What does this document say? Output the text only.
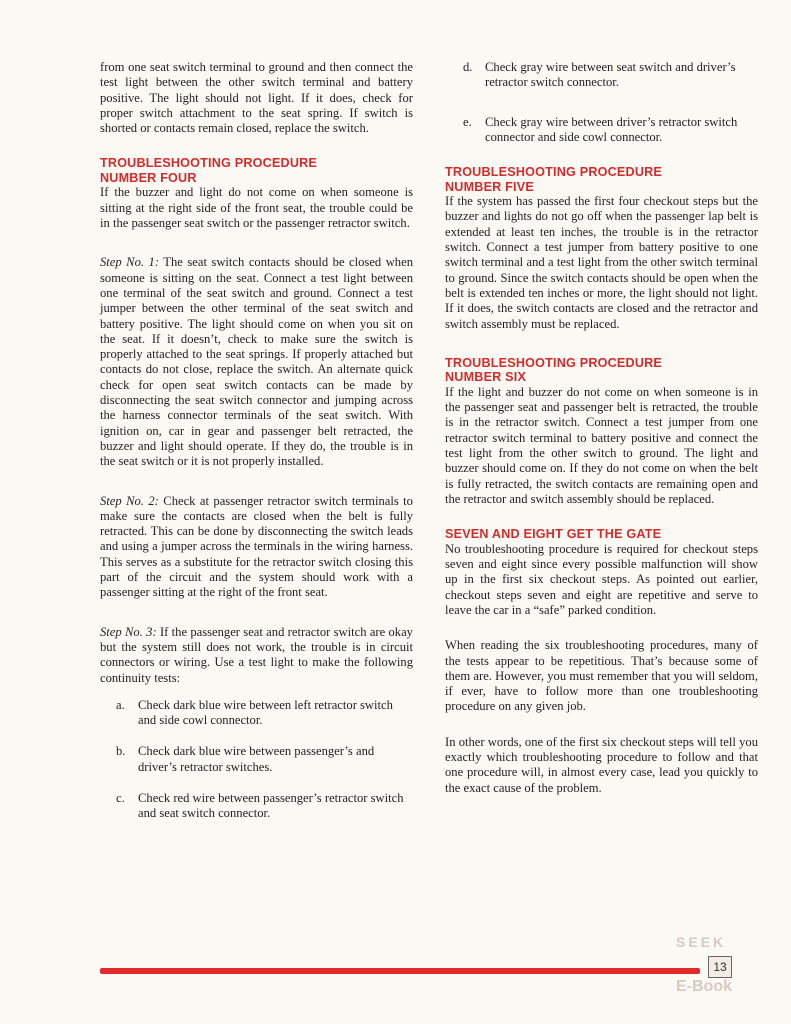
from one seat switch terminal to ground and then connect the test light between the other switch terminal and battery positive. The light should not light. If it does, check for proper switch attachment to the seat spring. If switch is shorted or contacts remain closed, replace the switch.

TROUBLESHOOTING PROCEDURE
NUMBER FOUR

If the buzzer and light do not come on when someone is sitting at the right side of the front seat, the trouble could be in the passenger seat switch or the passenger retractor switch.

Step No. 1: The seat switch contacts should be closed when someone is sitting on the seat. Connect a test light between one terminal of the seat switch and ground. Connect a test jumper between the other terminal of the seat switch and battery positive. The light should come on when you sit on the seat. If it doesn’t, check to make sure the switch is properly attached to the seat springs. If properly attached but contacts do not close, replace the switch. An alternate quick check for open seat switch contacts can be made by disconnecting the seat switch connector and jumping across the harness connector terminals of the seat switch. With ignition on, car in gear and passenger belt retracted, the buzzer and light should operate. If they do, the trouble is in the seat switch or it is not properly installed.

Step No. 2: Check at passenger retractor switch terminals to make sure the contacts are closed when the belt is fully retracted. This can be done by disconnecting the switch leads and using a jumper across the terminals in the wiring harness. This serves as a substitute for the retractor switch closing this part of the circuit and the system should work with a passenger sitting at the right of the front seat.

Step No. 3: If the passenger seat and retractor switch are okay but the system still does not work, the trouble is in circuit connectors or wiring. Use a test light to make the following continuity tests:

a.	Check dark blue wire between left retractor switch and side cowl connector.
b. Check dark blue wire between passenger’s and driver’s retractor switches.
c.	Check red wire between passenger’s retractor switch and seat switch connector.
d. Check gray wire between seat switch and driver’s retractor switch connector.
e.	Check gray wire between driver’s retractor switch connector and side cowl connector.
TROUBLESHOOTING PROCEDURE
NUMBER FIVE

If the system has passed the first four checkout steps but the buzzer and lights do not go off when the passenger lap belt is extended at least ten inches, the trouble is in the retractor switch. Connect a test jumper from battery positive to one switch terminal and a test light from the other switch terminal to ground. Since the switch contacts should be open when the belt is extended ten inches or more, the light should not light. If it does, the switch contacts are closed and the retractor and switch assembly must be replaced.

TROUBLESHOOTING PROCEDURE
NUMBER SIX

If the light and buzzer do not come on when someone is in the passenger seat and passenger belt is retracted, the trouble is in the retractor switch. Connect a test jumper from one retractor switch terminal to battery positive and connect the test light from the other switch to ground. The light and buzzer should come on. If they do not come on when the belt is fully retracted, the switch contacts are remaining open and the retractor and switch assembly should be replaced.

SEVEN AND EIGHT GET THE GATE

No troubleshooting procedure is required for checkout steps seven and eight since every possible malfunction will show up in the first six checkout steps. As pointed out earlier, checkout steps seven and eight are repetitive and serve to leave the car in a “safe” parked condition.

When reading the six troubleshooting procedures, many of the tests appear to be repetitious. That’s because some of them are. However, you must remember that you will seldom, if ever, have to follow more than one troubleshooting procedure on any given job.

In other words, one of the first six checkout steps will tell you exactly which troubleshooting procedure to follow and that one procedure will, in almost every case, lead you quickly to the exact cause of the problem.

SEEK
13
E-Book
